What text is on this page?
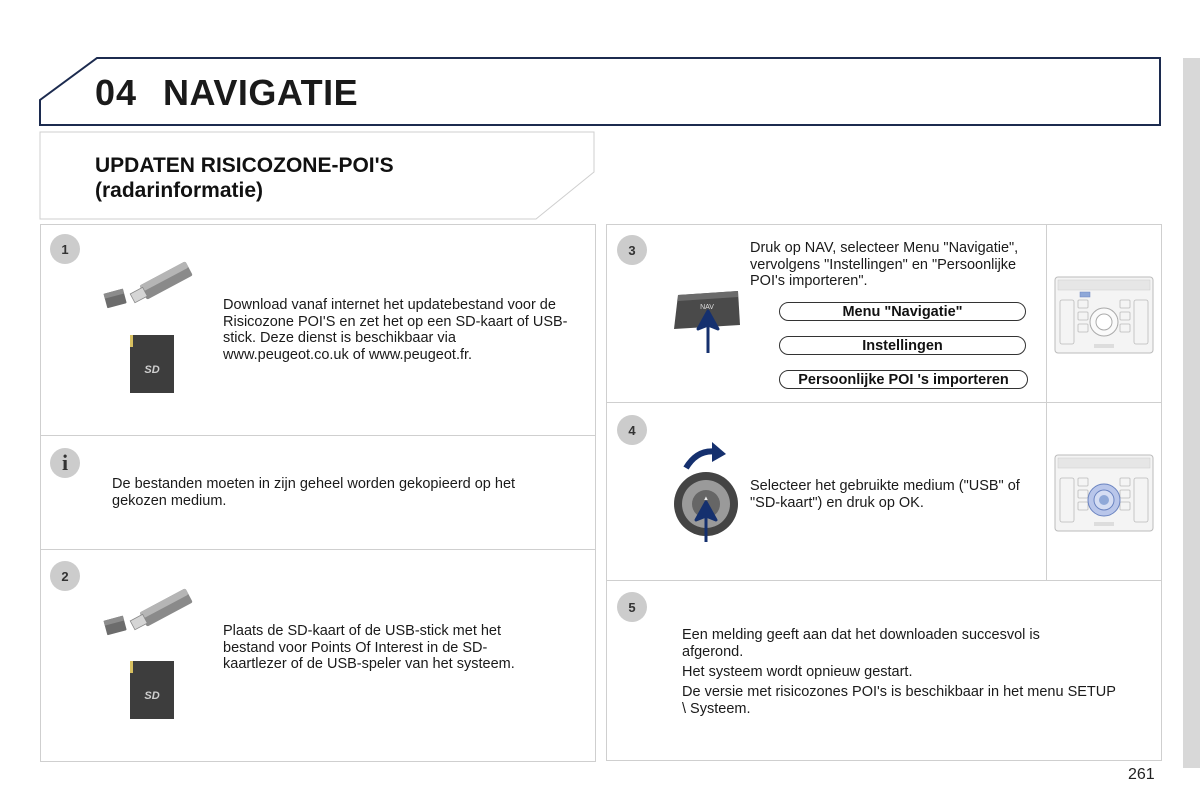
04 NAVIGATIE
UPDATEN RISICOZONE-POI'S
(radarinformatie)
1
SD
Download vanaf internet het updatebestand voor de Risicozone POI'S en zet het op een SD-kaart of USB-stick. Deze dienst is beschikbaar via www.peugeot.co.uk of www.peugeot.fr.
i
De bestanden moeten in zijn geheel worden gekopieerd op het gekozen medium.
2
SD
Plaats de SD-kaart of de USB-stick met het bestand voor Points Of Interest in de SD-kaartlezer of de USB-speler van het systeem.
3
NAV
Druk op NAV, selecteer Menu "Navigatie", vervolgens "Instellingen" en "Persoonlijke POI's importeren".
Menu "Navigatie"
Instellingen
Persoonlijke POI 's importeren
4
▲
Selecteer het gebruikte medium ("USB" of "SD-kaart") en druk op OK.
5
Een melding geeft aan dat het downloaden succesvol is afgerond.
Het systeem wordt opnieuw gestart.
De versie met risicozones POI's is beschikbaar in het menu SETUP \ Systeem.
261
